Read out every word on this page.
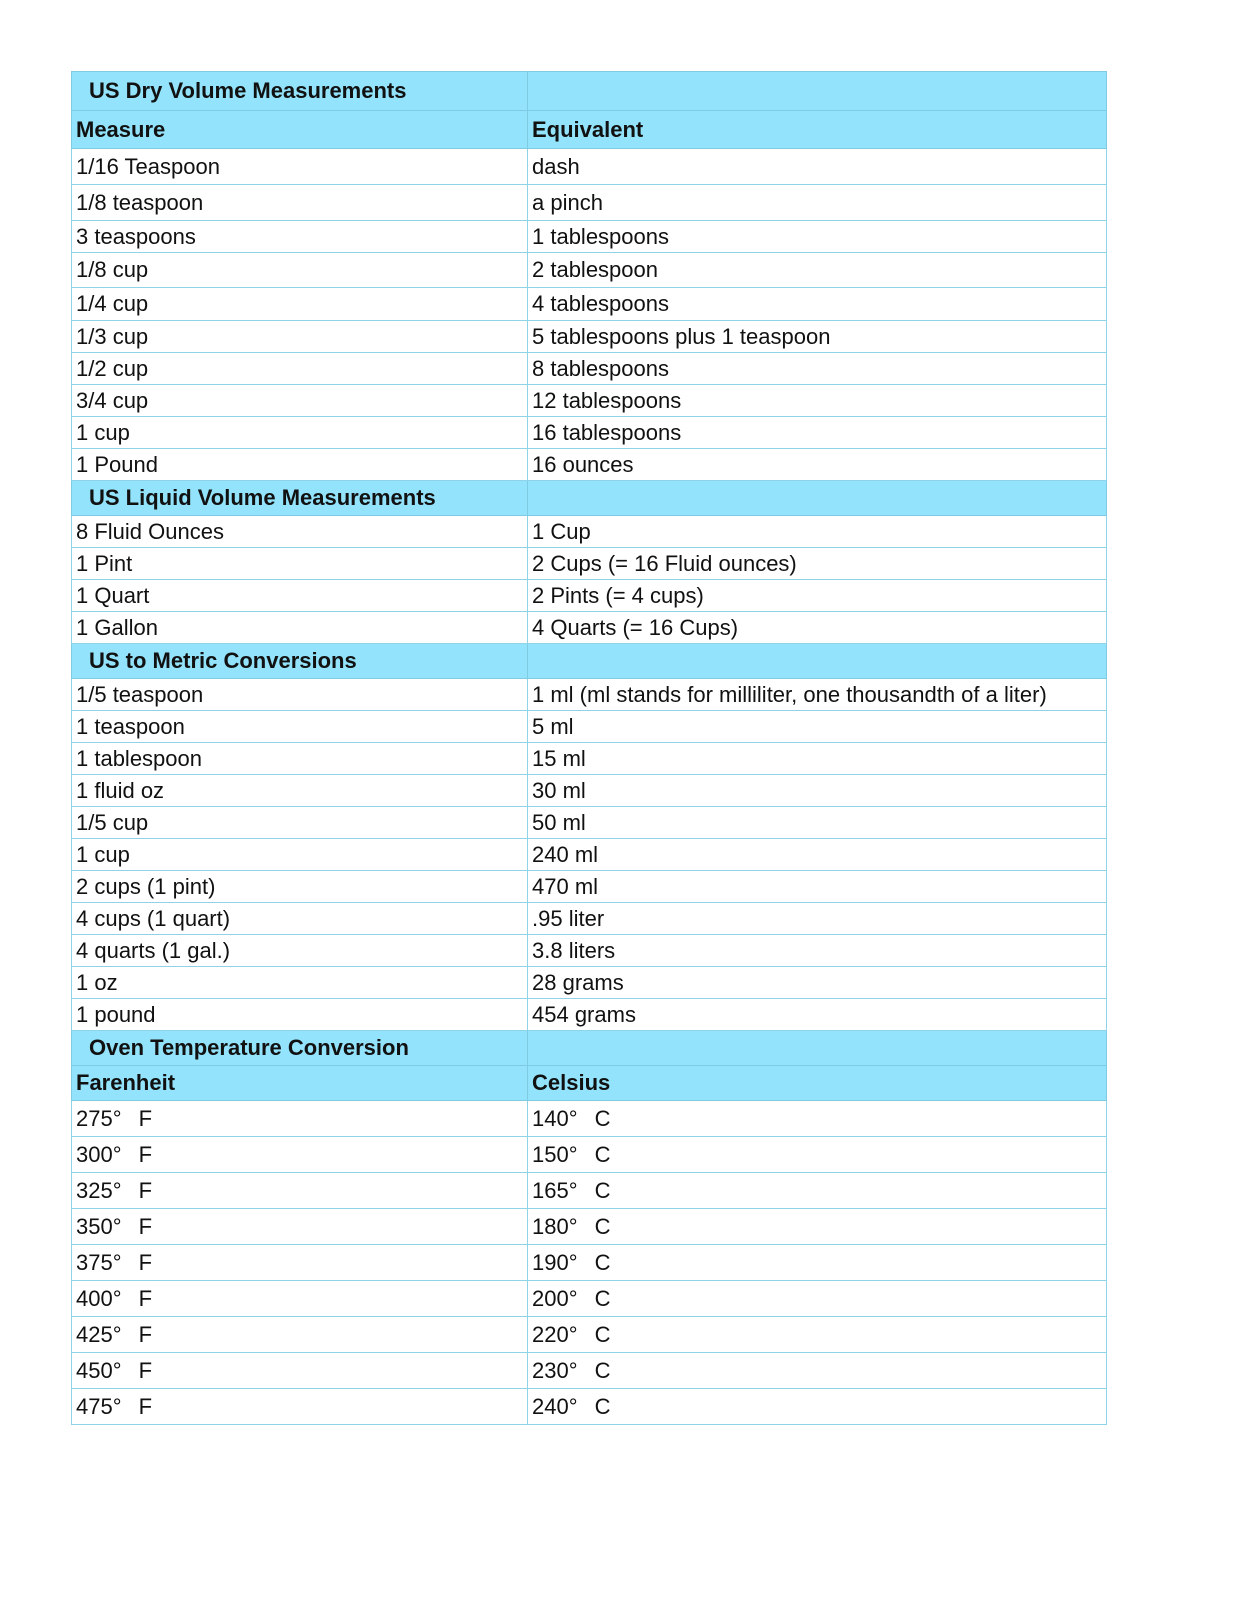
US Dry Volume Measurements	
Measure	Equivalent
1/16 Teaspoon	dash
1/8 teaspoon	a pinch
3 teaspoons	1 tablespoons
1/8 cup	2 tablespoon
1/4 cup	4 tablespoons
1/3 cup	5 tablespoons plus 1 teaspoon
1/2 cup	8 tablespoons
3/4 cup	12 tablespoons
1 cup	16 tablespoons
1 Pound	16 ounces
US Liquid Volume Measurements	
8 Fluid Ounces	1 Cup
1 Pint	2 Cups (= 16 Fluid ounces)
1 Quart	2 Pints (= 4 cups)
1 Gallon	4 Quarts (= 16 Cups)
US to Metric Conversions	
1/5 teaspoon	1 ml (ml stands for milliliter, one thousandth of a liter)
1 teaspoon	5 ml
1 tablespoon	15 ml
1 fluid oz	30 ml
1/5 cup	50 ml
1 cup	240 ml
2 cups (1 pint)	470 ml
4 cups (1 quart)	.95 liter
4 quarts (1 gal.)	3.8 liters
1 oz	28 grams
1 pound	454 grams
Oven Temperature Conversion	
Farenheit	Celsius
275°  F	140°  C
300°  F	150°  C
325°  F	165°  C
350°  F	180°  C
375°  F	190°  C
400°  F	200°  C
425°  F	220°  C
450°  F	230°  C
475°  F	240°  C
